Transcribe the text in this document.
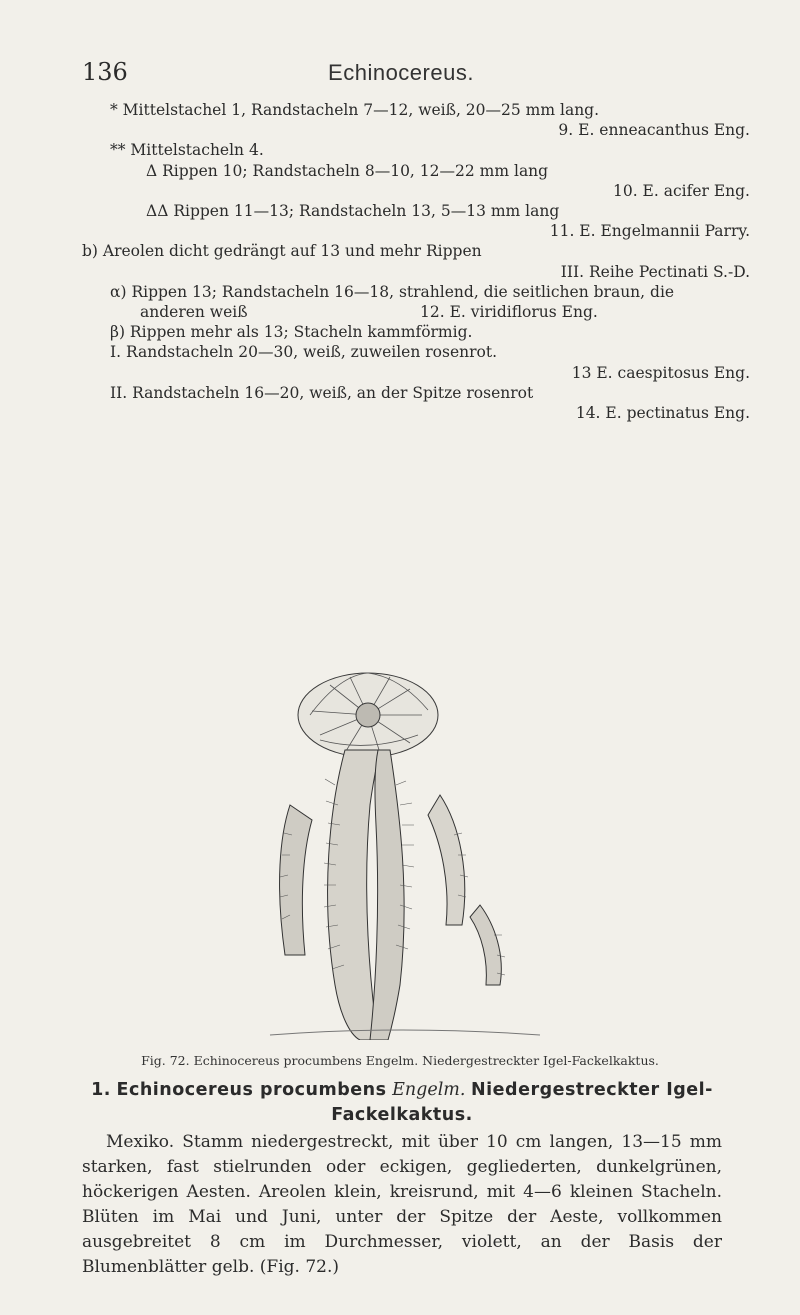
136	Echinocereus.
* Mittelstachel 1, Randstacheln 7—12, weiß, 20—25 mm lang.
9. E. enneacanthus Eng.
** Mittelstacheln 4.
Δ Rippen 10; Randstacheln 8—10, 12—22 mm lang
10. E. acifer Eng.
ΔΔ Rippen 11—13; Randstacheln 13, 5—13 mm lang
11. E. Engelmannii Parry.
b) Areolen dicht gedrängt auf 13 und mehr Rippen
III. Reihe Pectinati S.-D.
α) Rippen 13; Randstacheln 16—18, strahlend, die seitlichen braun, die
anderen weiß                                   12. E. viridiflorus Eng.
β) Rippen mehr als 13; Stacheln kammförmig.
I. Randstacheln 20—30, weiß, zuweilen rosenrot.
13 E. caespitosus Eng.
II. Randstacheln 16—20, weiß, an der Spitze rosenrot
14. E. pectinatus Eng.
Fig. 72. Echinocereus procumbens Engelm. Niedergestreckter Igel-Fackelkaktus.
1. Echinocereus procumbens Engelm. Niedergestreckter Igel-Fackelkaktus.
Mexiko. Stamm niedergestreckt, mit über 10 cm langen, 13—15 mm starken, fast stielrunden oder eckigen, gegliederten, dunkelgrünen, höckerigen Aesten. Areolen klein, kreisrund, mit 4—6 kleinen Stacheln. Blüten im Mai und Juni, unter der Spitze der Aeste, vollkommen ausgebreitet 8 cm im Durchmesser, violett, an der Basis der Blumenblätter gelb. (Fig. 72.)
